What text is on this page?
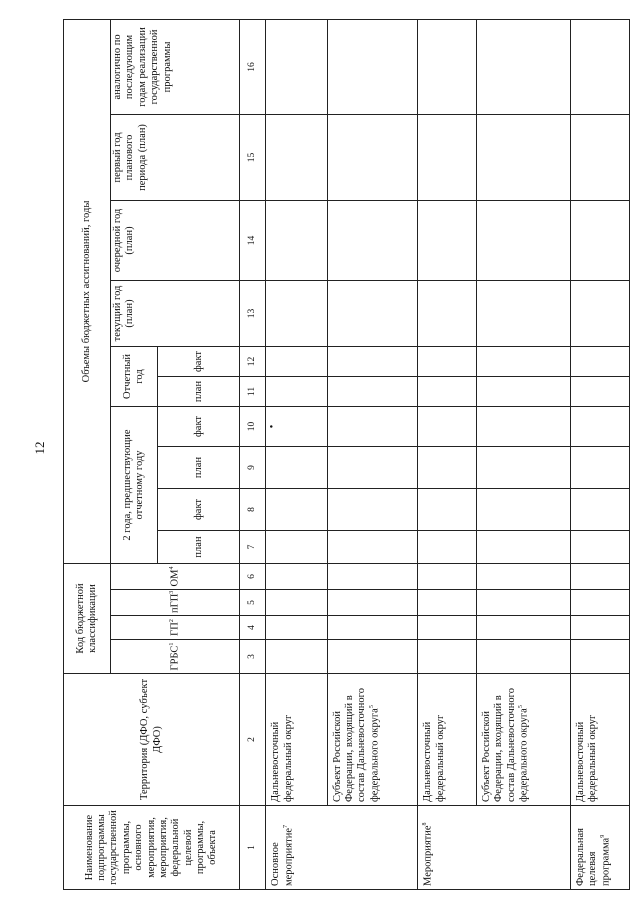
12
Наименование подпрограммы государственной программы, основного мероприятия, мероприятия, федеральной целевой программы, объекта	Территория (ДФО, субъект ДФО)	Код бюджетной классификации				Объемы бюджетных ассигнований, годы									
		ГРБС$^1$	$ГП^2$	пГП$^3$	$ОМ^4$	2 года, предшествующие отчетному году				Отчетный год		текущий год (план)	очередной год (план)	первый год планового периода (план)	аналогично по последующим годам реализации государственной программы
						план	факт	план	факт	план	факт				
1	2	3	4	5	6	7	8	9	10	11	12	13	14	15	16
Основное мероприятие$^7$	Дальневосточный федеральный округ								•						
	Субъект Российской Федерации, входящий в состав Дальневосточного федерального округа$^5$														
Мероприятие$^8$	Дальневосточный федеральный округ														
	Субъект Российской Федерации, входящий в состав Дальневосточного федерального округа$^5$														
Федеральная целевая программа$^9$	Дальневосточный федеральный округ														
